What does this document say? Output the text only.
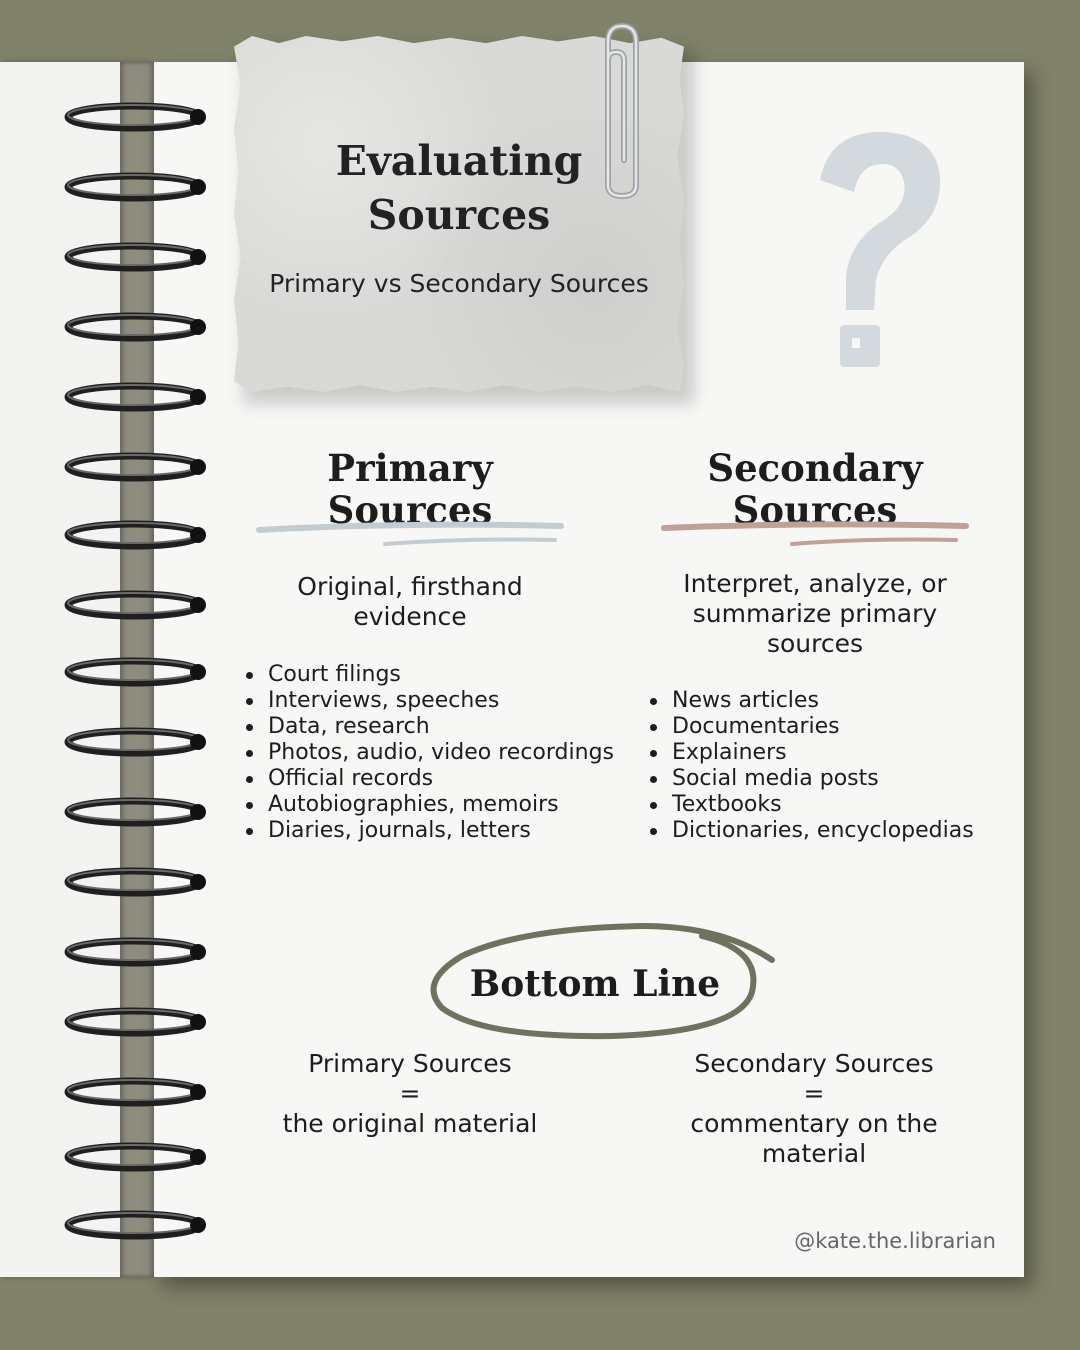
Evaluating
Sources
Primary vs Secondary Sources
Primary
Sources
Original, firsthand evidence
Court filings
Interviews, speeches
Data, research
Photos, audio, video recordings
Official records
Autobiographies, memoirs
Diaries, journals, letters
Secondary
Sources
Interpret, analyze, or summarize primary sources
News articles
Documentaries
Explainers
Social media posts
Textbooks
Dictionaries, encyclopedias
Bottom Line
Primary Sources
=
the original material
Secondary Sources
=
commentary on the material
@kate.the.librarian
